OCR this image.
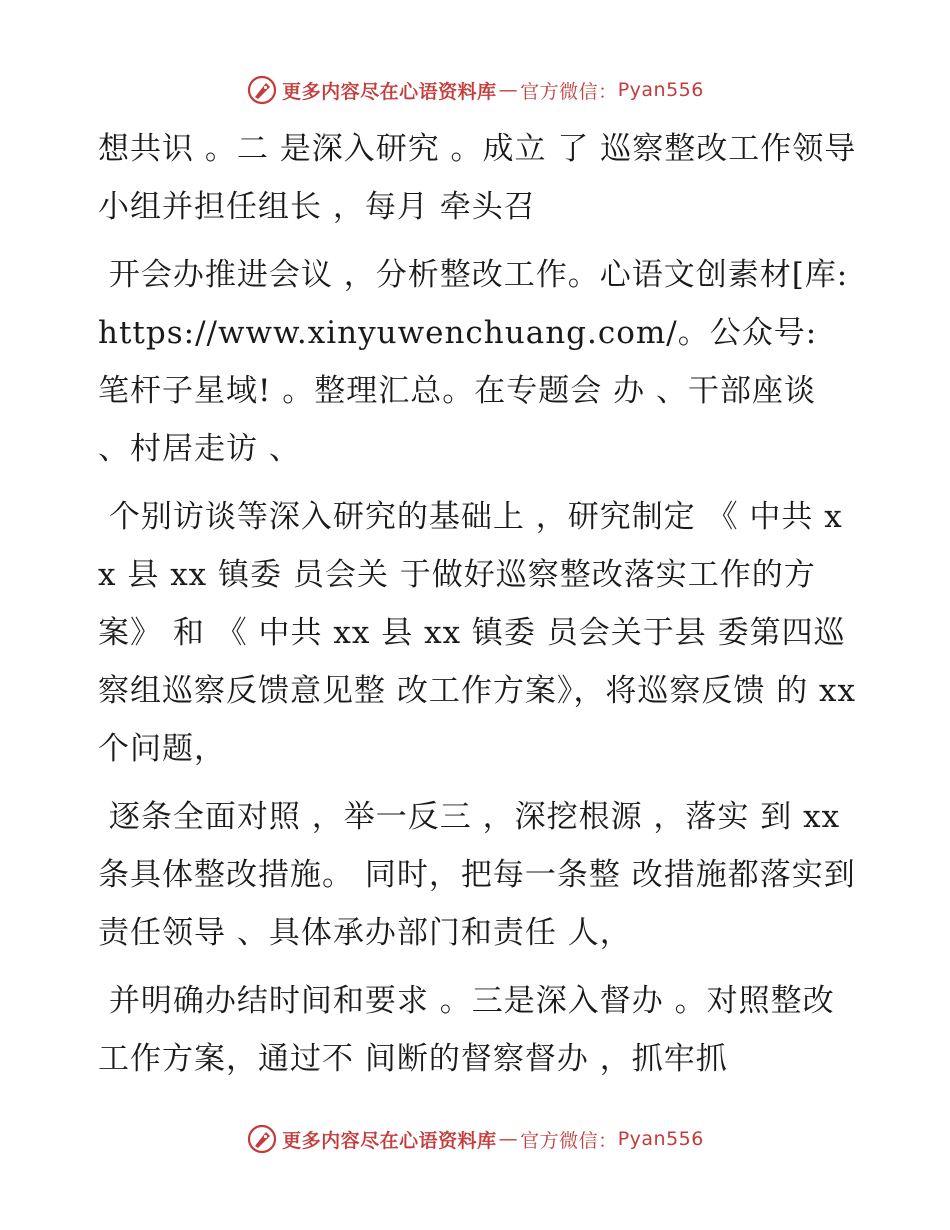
更多内容尽在心语资料库 — 官方微信： Pyan556

想共识 。二 是深入研究 。成立 了 巡察整改工作领导小组并担任组长 ，每月 牵头召

开会办推进会议 ，分析整改工作。心语文创素材[库: https://www.xinyuwenchuang.com/。公众号: 笔杆子星域! 。整理汇总。在专题会 办 、干部座谈 、村居走访 、

个别访谈等深入研究的基础上 ，研究制定 《 中共 xx 县 xx 镇委 员会关 于做好巡察整改落实工作的方案》 和 《 中共 xx 县 xx 镇委 员会关于县 委第四巡察组巡察反馈意见整 改工作方案》，将巡察反馈 的 xx 个问题，

逐条全面对照 ，举一反三 ，深挖根源 ，落实 到 xx 条具体整改措施。 同时，把每一条整 改措施都落实到责任领导 、具体承办部门和责任 人，

并明确办结时间和要求 。三是深入督办 。对照整改工作方案，通过不 间断的督察督办 ，抓牢抓

更多内容尽在心语资料库 — 官方微信： Pyan556
